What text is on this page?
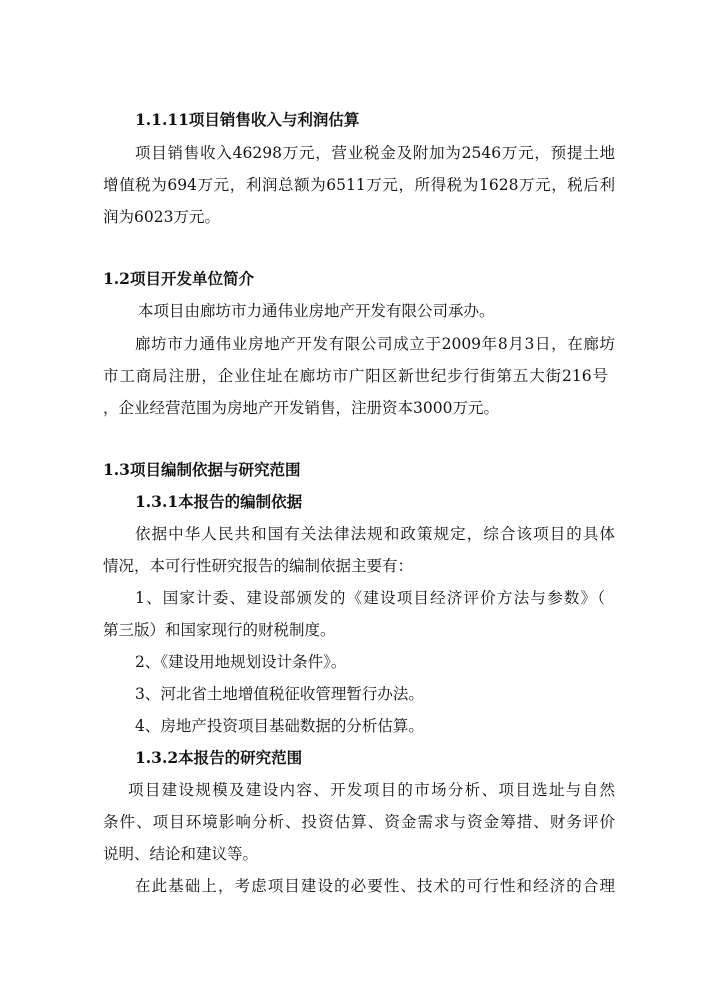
1.1.11项目销售收入与利润估算
项目销售收入46298万元，营业税金及附加为2546万元，预提土地
增值税为694万元，利润总额为6511万元，所得税为1628万元，税后利
润为6023万元。
1.2项目开发单位简介
本项目由廊坊市力通伟业房地产开发有限公司承办。
廊坊市力通伟业房地产开发有限公司成立于2009年8月3日，在廊坊
市工商局注册，企业住址在廊坊市广阳区新世纪步行街第五大街216号
，企业经营范围为房地产开发销售，注册资本3000万元。
1.3项目编制依据与研究范围
1.3.1本报告的编制依据
依据中华人民共和国有关法律法规和政策规定，综合该项目的具体
情况，本可行性研究报告的编制依据主要有：
1、国家计委、建设部颁发的《建设项目经济评价方法与参数》（
第三版）和国家现行的财税制度。
2、《建设用地规划设计条件》。
3、河北省土地增值税征收管理暂行办法。
4、房地产投资项目基础数据的分析估算。
1.3.2本报告的研究范围
项目建设规模及建设内容、开发项目的市场分析、项目选址与自然
条件、项目环境影响分析、投资估算、资金需求与资金筹措、财务评价
说明、结论和建议等。
在此基础上，考虑项目建设的必要性、技术的可行性和经济的合理
